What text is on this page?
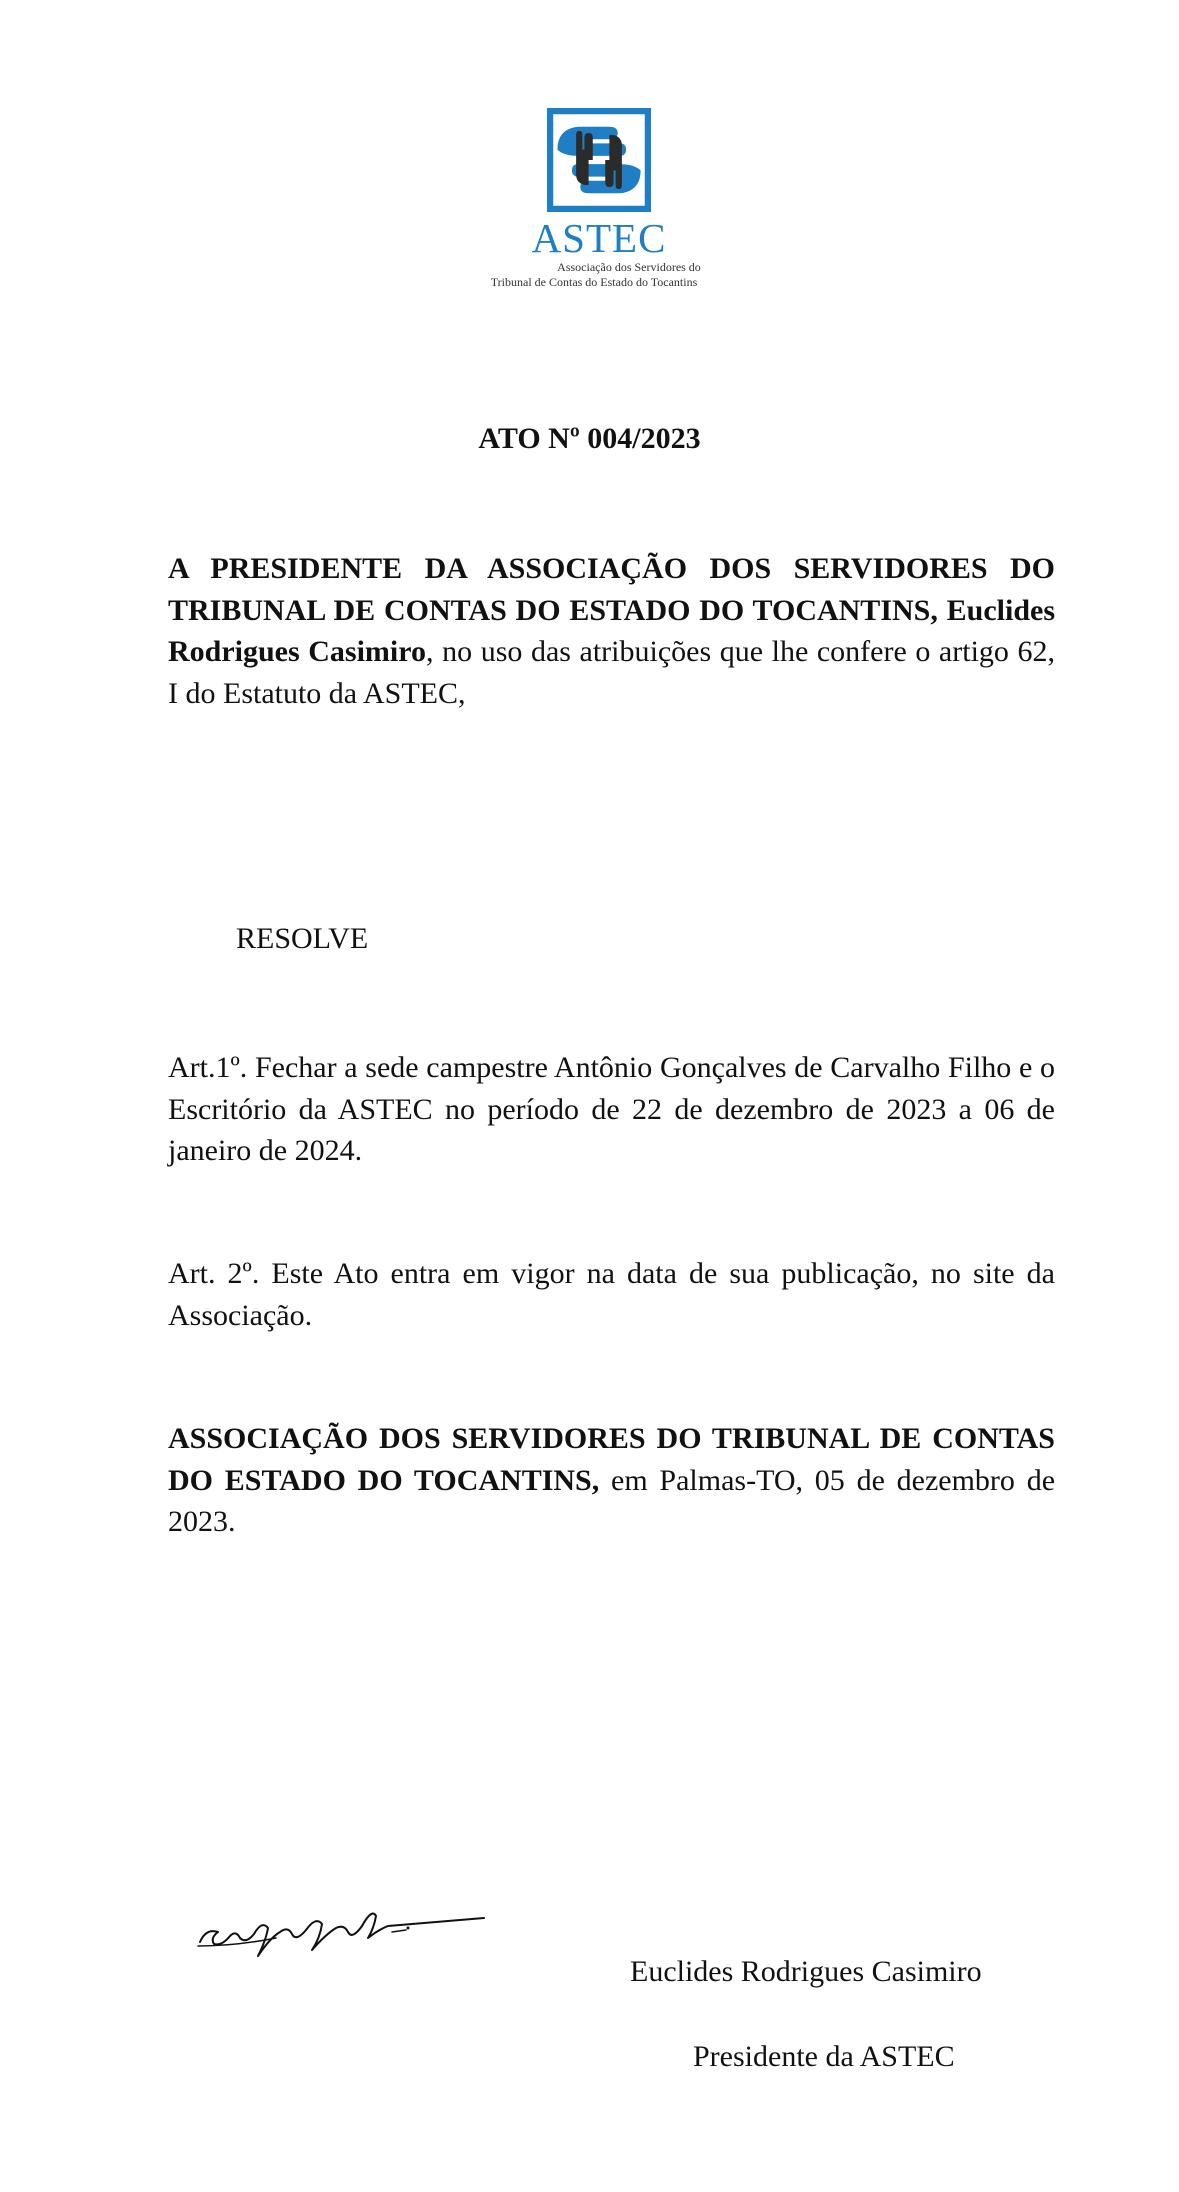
ASTEC
Associação dos Servidores do
Tribunal de Contas do Estado do Tocantins
ATO Nº 004/2023
A PRESIDENTE DA ASSOCIAÇÃO DOS SERVIDORES DO TRIBUNAL DE CONTAS DO ESTADO DO TOCANTINS, Euclides Rodrigues Casimiro, no uso das atribuições que lhe confere o artigo 62, I do Estatuto da ASTEC,
RESOLVE
Art.1º. Fechar a sede campestre Antônio Gonçalves de Carvalho Filho e o Escritório da ASTEC no período de 22 de dezembro de 2023 a 06 de janeiro de 2024.
Art. 2º. Este Ato entra em vigor na data de sua publicação, no site da Associação.
ASSOCIAÇÃO DOS SERVIDORES DO TRIBUNAL DE CONTAS DO ESTADO DO TOCANTINS, em Palmas-TO, 05 de dezembro de 2023.
Euclides Rodrigues Casimiro
Presidente da ASTEC
